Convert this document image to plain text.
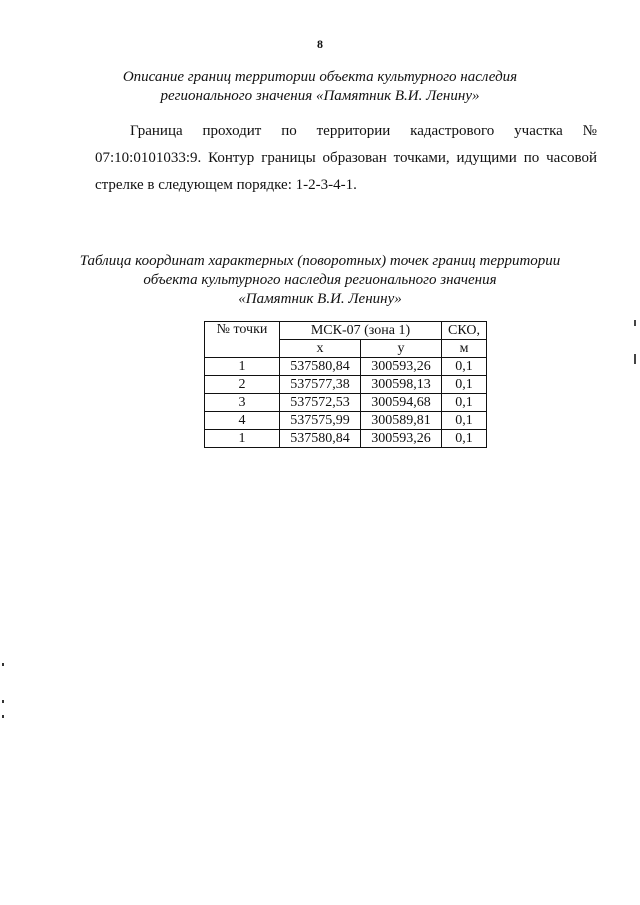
8

Описание границ территории объекта культурного наследия
регионального значения «Памятник В.И. Ленину»

Граница проходит по территории кадастрового участка № 07:10:0101033:9. Контур границы образован точками, идущими по часовой стрелке в следующем порядке: 1-2-3-4-1.

Таблица координат характерных (поворотных) точек границ территории
объекта культурного наследия регионального значения
«Памятник В.И. Ленину»

№ точки	МСК-07 (зона 1)		СКО,
	x	y	м
1	537580,84	300593,26	0,1
2	537577,38	300598,13	0,1
3	537572,53	300594,68	0,1
4	537575,99	300589,81	0,1
1	537580,84	300593,26	0,1
